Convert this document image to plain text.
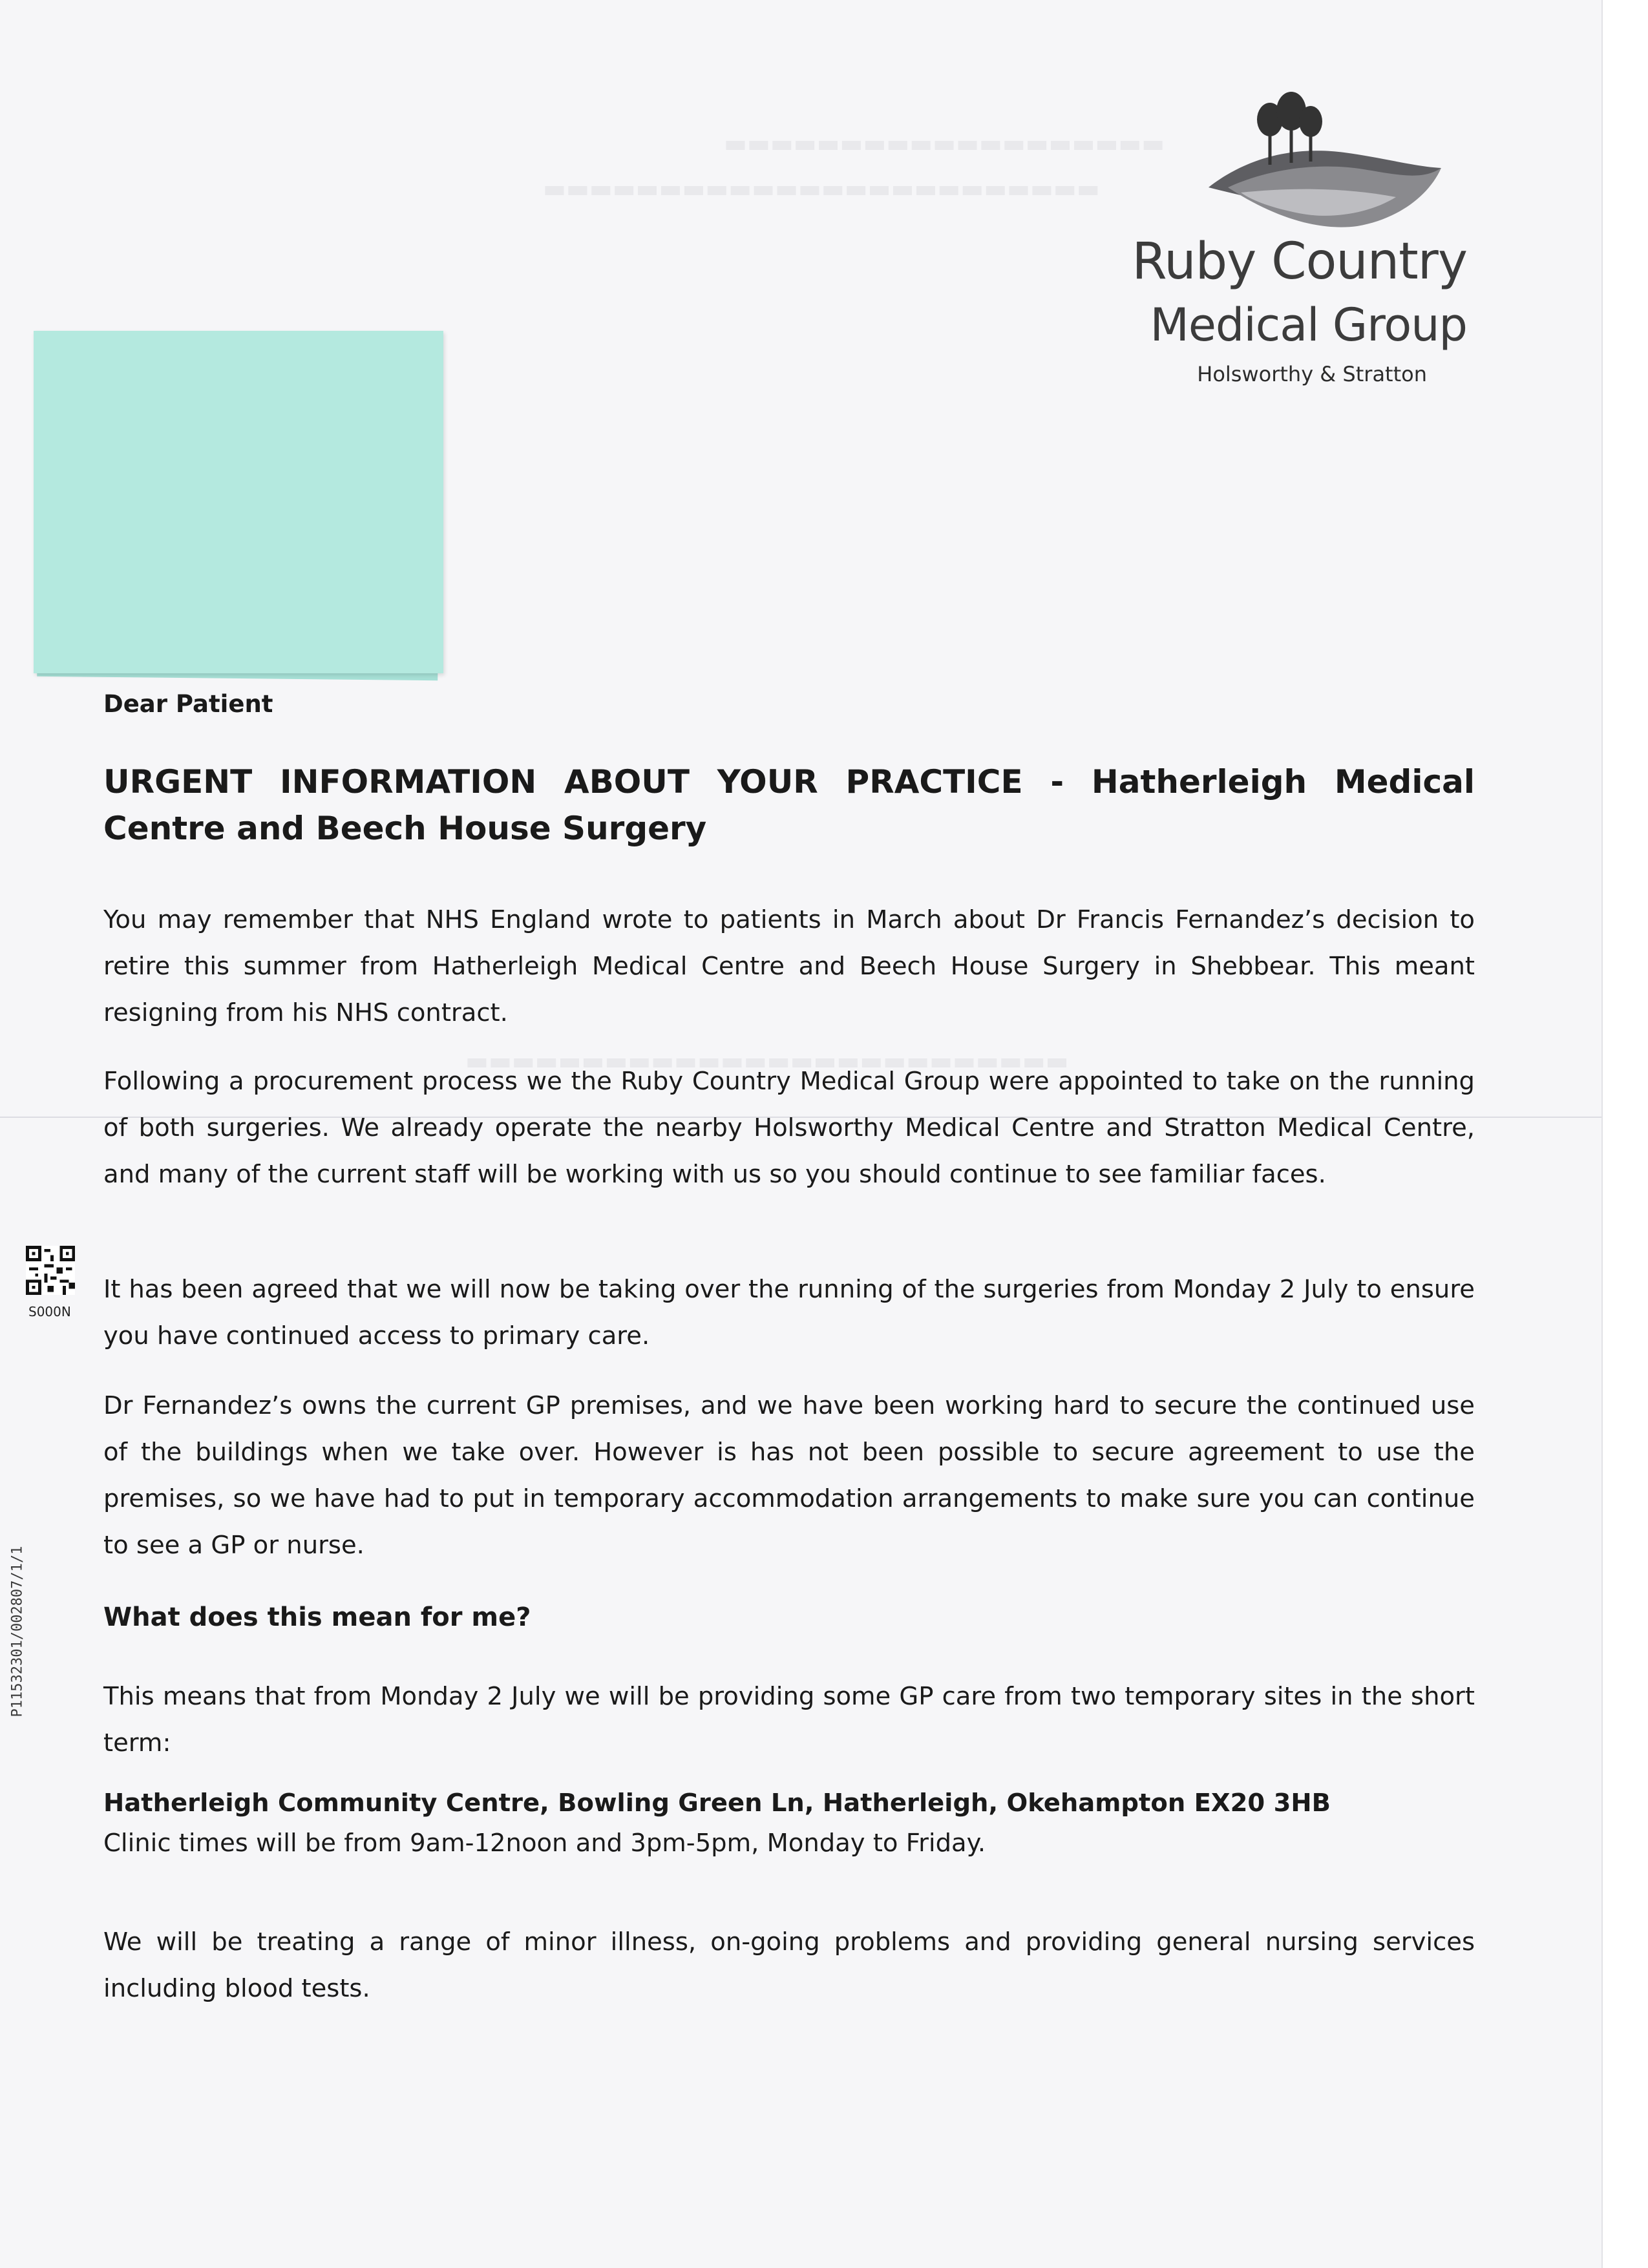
▬▬▬▬▬▬▬▬▬▬▬▬▬▬▬▬▬▬▬
▬▬▬▬▬▬▬▬▬▬▬▬▬▬▬▬▬▬▬▬▬▬▬▬
▬▬▬▬▬▬▬▬▬▬▬▬▬▬▬▬▬▬▬▬▬▬▬▬▬▬
Ruby Country
Medical Group
Holsworthy & Stratton
S000N
P11532301/002807/1/1
Dear Patient
URGENT INFORMATION ABOUT YOUR PRACTICE - Hatherleigh Medical Centre and Beech House Surgery

You may remember that NHS England wrote to patients in March about Dr Francis Fernandez’s decision to retire this summer from Hatherleigh Medical Centre and Beech House Surgery in Shebbear. This meant resigning from his NHS contract.

Following a procurement process we the Ruby Country Medical Group were appointed to take on the running of both surgeries. We already operate the nearby Holsworthy Medical Centre and Stratton Medical Centre, and many of the current staff will be working with us so you should continue to see familiar faces.

It has been agreed that we will now be taking over the running of the surgeries from Monday 2 July to ensure you have continued access to primary care.

Dr Fernandez’s owns the current GP premises, and we have been working hard to secure the continued use of the buildings when we take over. However is has not been possible to secure agreement to use the premises, so we have had to put in temporary accommodation arrangements to make sure you can continue to see a GP or nurse.

What does this mean for me?

This means that from Monday 2 July we will be providing some GP care from two temporary sites in the short term:

Hatherleigh Community Centre, Bowling Green Ln, Hatherleigh, Okehampton EX20 3HB
Clinic times will be from 9am-12noon and 3pm-5pm, Monday to Friday.

We will be treating a range of minor illness, on-going problems and providing general nursing services including blood tests.
